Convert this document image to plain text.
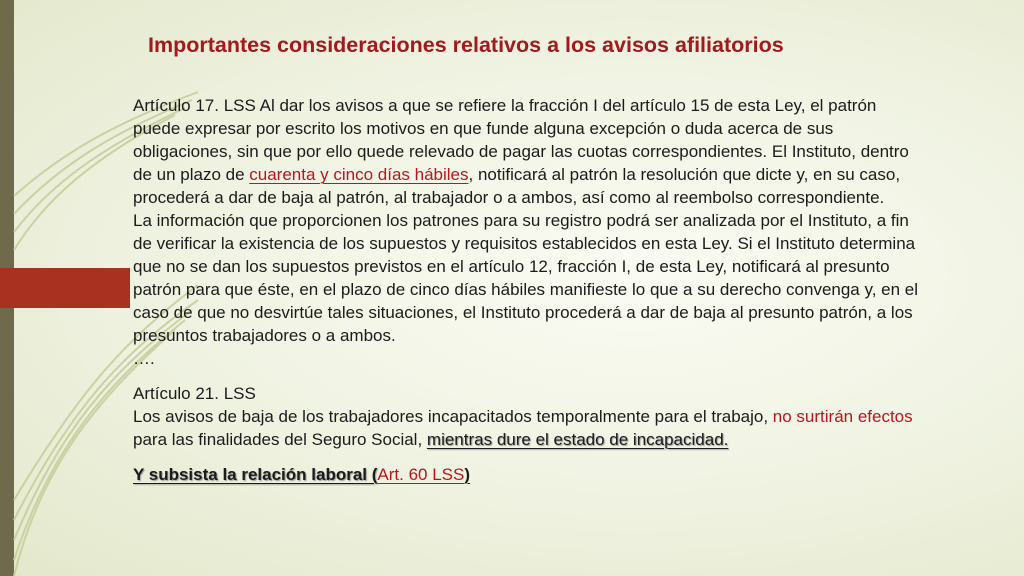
Importantes consideraciones relativos a los avisos afiliatorios
Artículo 17. LSS Al dar los avisos a que se refiere la fracción I del artículo 15 de esta Ley, el patrón
puede expresar por escrito los motivos en que funde alguna excepción o duda acerca de sus
obligaciones, sin que por ello quede relevado de pagar las cuotas correspondientes. El Instituto, dentro
de un plazo de cuarenta y cinco días hábiles, notificará al patrón la resolución que dicte y, en su caso,
procederá a dar de baja al patrón, al trabajador o a ambos, así como al reembolso correspondiente.
La información que proporcionen los patrones para su registro podrá ser analizada por el Instituto, a fin
de verificar la existencia de los supuestos y requisitos establecidos en esta Ley. Si el Instituto determina
que no se dan los supuestos previstos en el artículo 12, fracción I, de esta Ley, notificará al presunto
patrón para que éste, en el plazo de cinco días hábiles manifieste lo que a su derecho convenga y, en el
caso de que no desvirtúe tales situaciones, el Instituto procederá a dar de baja al presunto patrón, a los
presuntos trabajadores o a ambos.
….
Artículo 21. LSS
Los avisos de baja de los trabajadores incapacitados temporalmente para el trabajo, no surtirán efectos
para las finalidades del Seguro Social, mientras dure el estado de incapacidad.
Y subsista la relación laboral (Art. 60 LSS)
